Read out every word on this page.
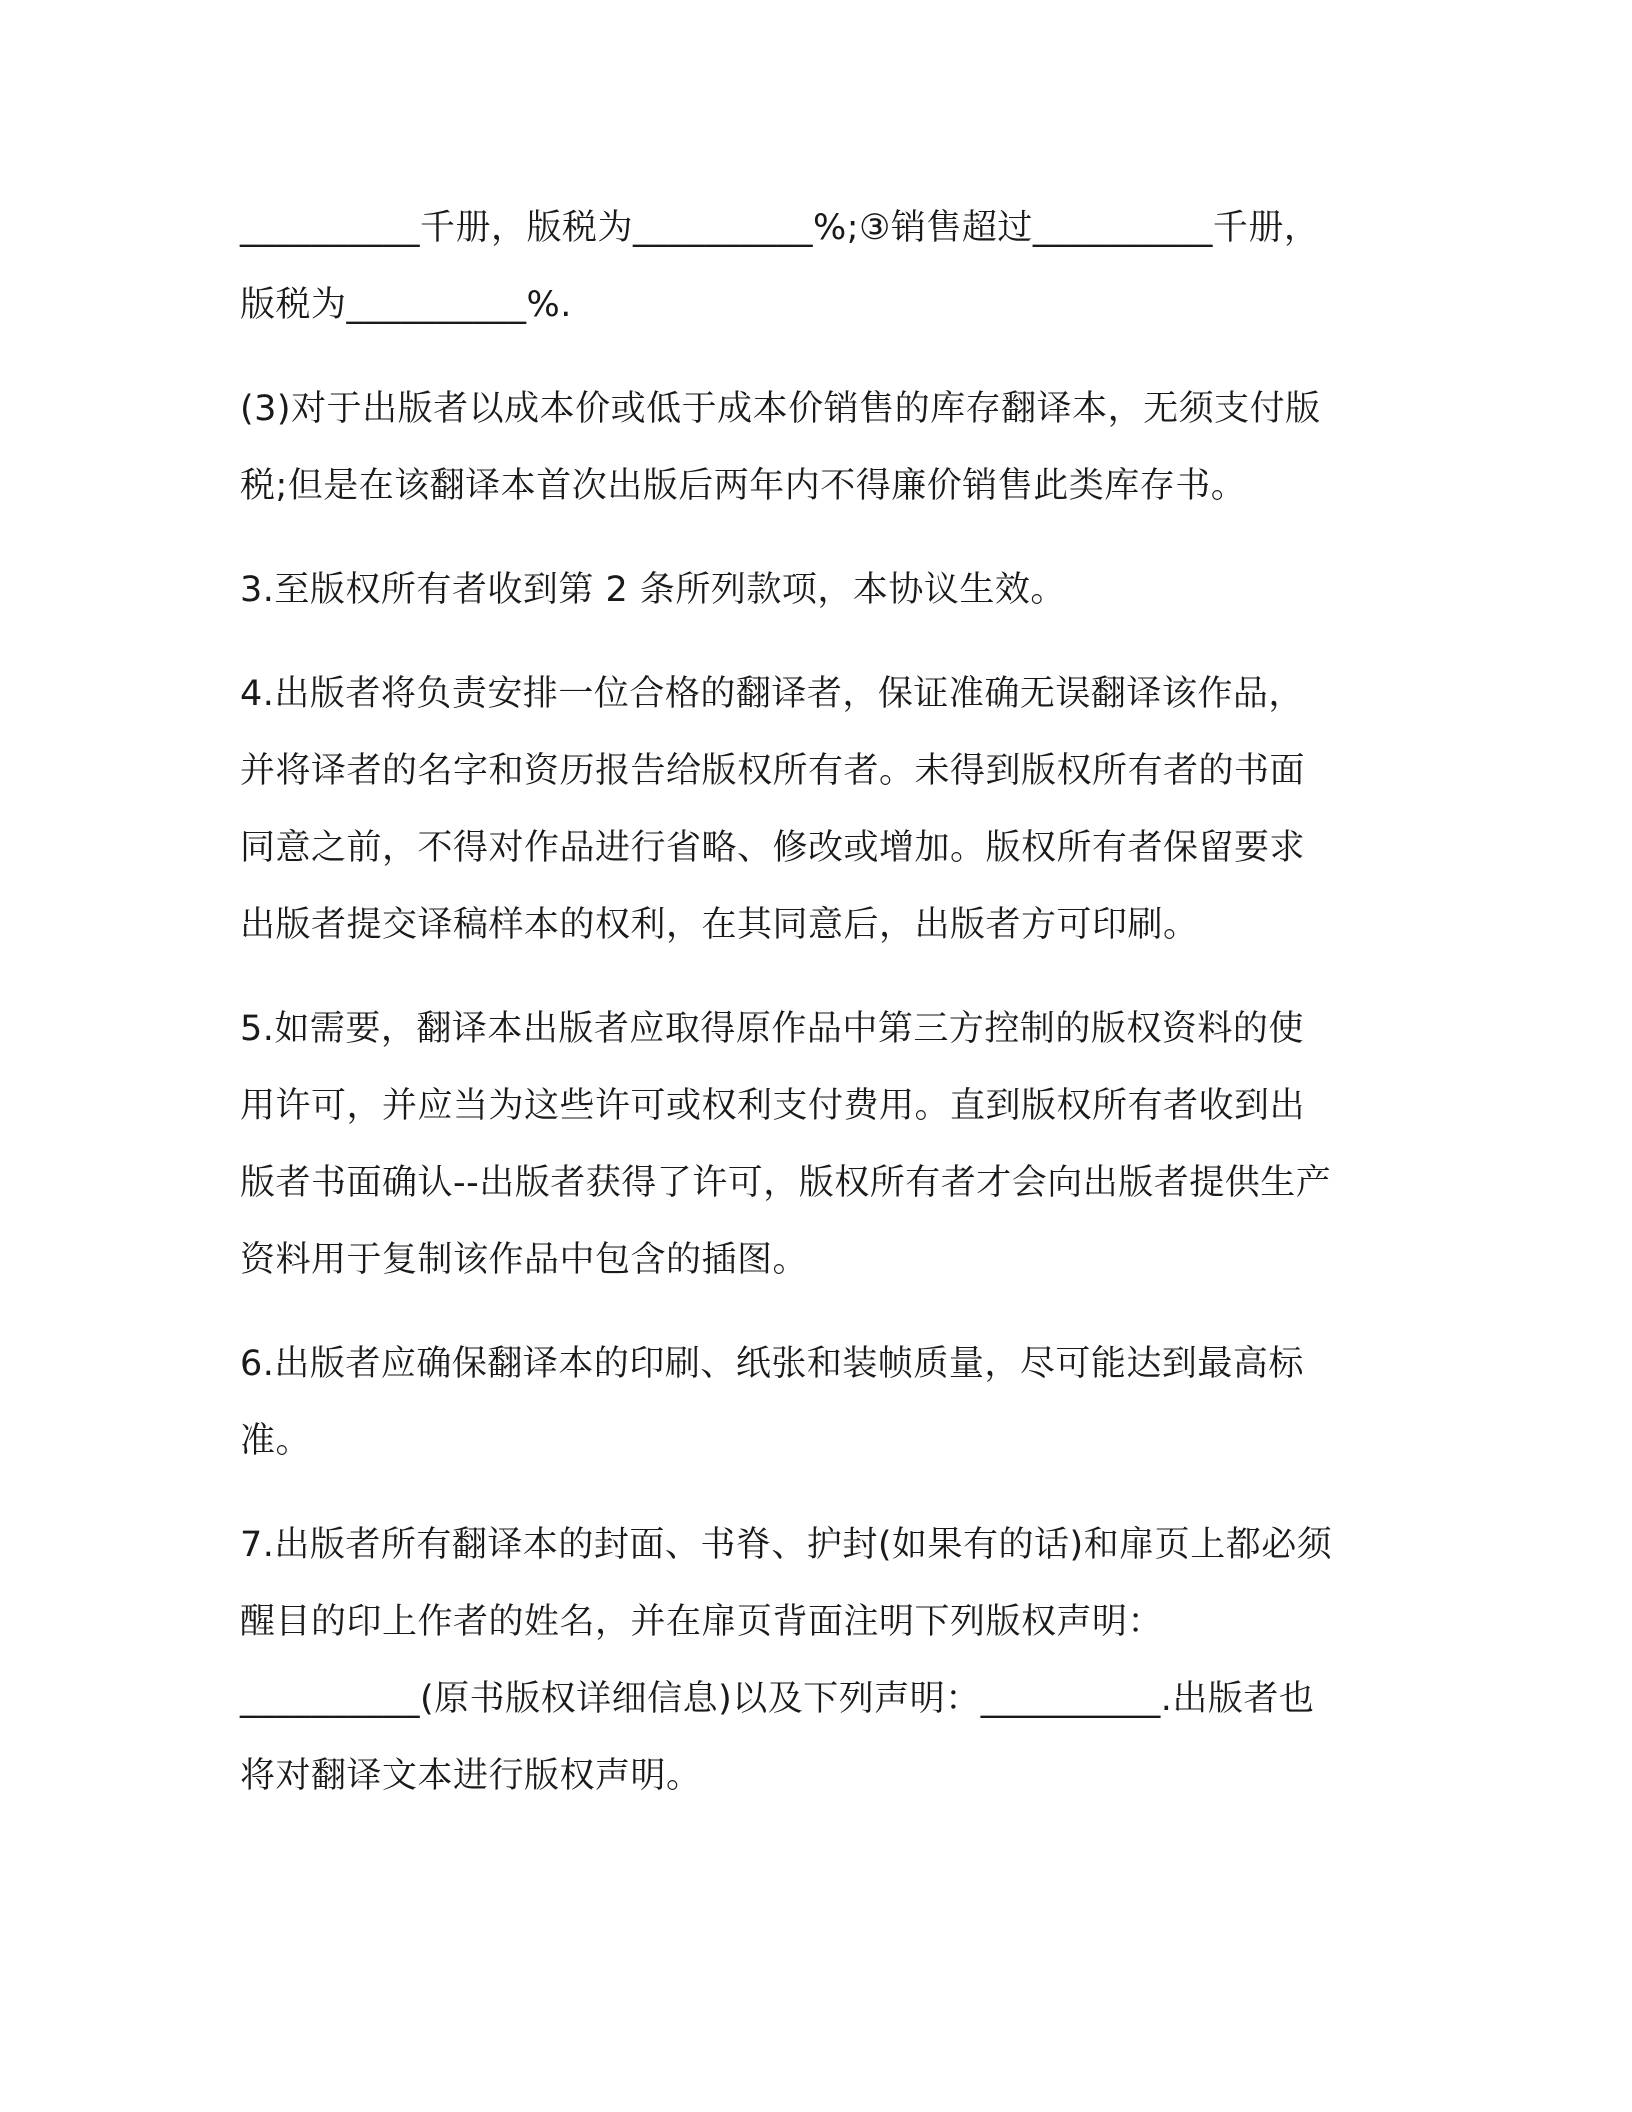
__________千册，版税为__________%;③销售超过__________千册，
版税为__________%.

(3)对于出版者以成本价或低于成本价销售的库存翻译本，无须支付版
税;但是在该翻译本首次出版后两年内不得廉价销售此类库存书。

3.至版权所有者收到第 2 条所列款项，本协议生效。

4.出版者将负责安排一位合格的翻译者，保证准确无误翻译该作品，
并将译者的名字和资历报告给版权所有者。未得到版权所有者的书面
同意之前，不得对作品进行省略、修改或增加。版权所有者保留要求
出版者提交译稿样本的权利，在其同意后，出版者方可印刷。

5.如需要，翻译本出版者应取得原作品中第三方控制的版权资料的使
用许可，并应当为这些许可或权利支付费用。直到版权所有者收到出
版者书面确认--出版者获得了许可，版权所有者才会向出版者提供生产
资料用于复制该作品中包含的插图。

6.出版者应确保翻译本的印刷、纸张和装帧质量，尽可能达到最高标
准。

7.出版者所有翻译本的封面、书脊、护封(如果有的话)和扉页上都必须
醒目的印上作者的姓名，并在扉页背面注明下列版权声明：
__________(原书版权详细信息)以及下列声明：__________.出版者也
将对翻译文本进行版权声明。
